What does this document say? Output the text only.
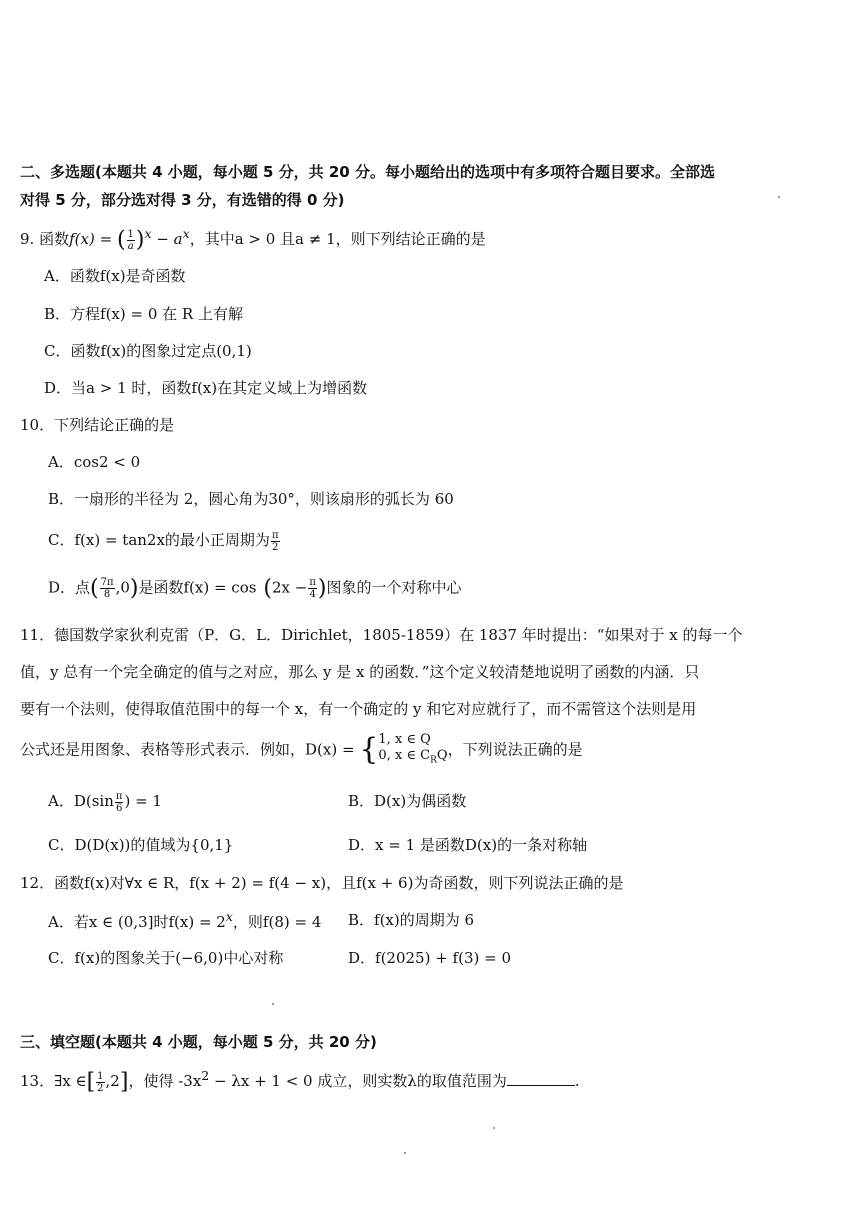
二、多选题(本题共 4 小题，每小题 5 分，共 20 分。每小题给出的选项中有多项符合题目要求。全部选
对得 5 分，部分选对得 3 分，有选错的得 0 分)
9. 函数f(x) = ( $\frac{1}{a} )^x - a^x$，其中a > 0 且a ≠ 1，则下列结论正确的是
A．函数f(x)是奇函数
B．方程f(x) = 0 在 R 上有解
C．函数f(x)的图象过定点(0,1)
D．当a > 1 时，函数f(x)在其定义域上为增函数
10．下列结论正确的是
A．cos2 < 0
B．一扇形的半径为 2，圆心角为30°，则该扇形的弧长为 60
C．f(x) = tan2x的最小正周期为 $\frac{\pi}{2}$
D．点( $\frac{7\pi}{8} ,0$)是函数$f(x) = \cos (2x - \frac{\pi}{4}$ )图象的一个对称中心
11．德国数学家狄利克雷（P．G．L．Dirichlet，1805-1859）在 1837 年时提出：“如果对于 x 的每一个
值，y 总有一个完全确定的值与之对应，那么 y 是 x 的函数．”这个定义较清楚地说明了函数的内涵．只
要有一个法则，使得取值范围中的每一个 x，有一个确定的 y 和它对应就行了，而不需管这个法则是用
公式还是用图象、表格等形式表示．例如，D(x) = { 1, x ∈ Q
0, x ∈ $C_RQ$ ，下列说法正确的是
A．$D(\sin \frac{\pi}{6}$ ) = 1	B．D(x)为偶函数
C．D(D(x))的值域为{0,1}	D．x = 1 是函数D(x)的一条对称轴
12．函数f(x)对∀x ∈ R，f(x + 2) = f(4 − x)，且f(x + 6)为奇函数，则下列说法正确的是
A．若x ∈ (0,3]时$f(x) = 2^x$，则f(8) = 4 B．f(x)的周期为 6
C．f(x)的图象关于(−6,0)中心对称	D．f(2025) + f(3) = 0
三、填空题(本题共 4 小题，每小题 5 分，共 20 分)
13．∃x ∈[ $\frac{1}{2} ,2$]，使得 $-3x^2 - \lambda x + 1 < 0$ 成立，则实数λ的取值范围为	.
